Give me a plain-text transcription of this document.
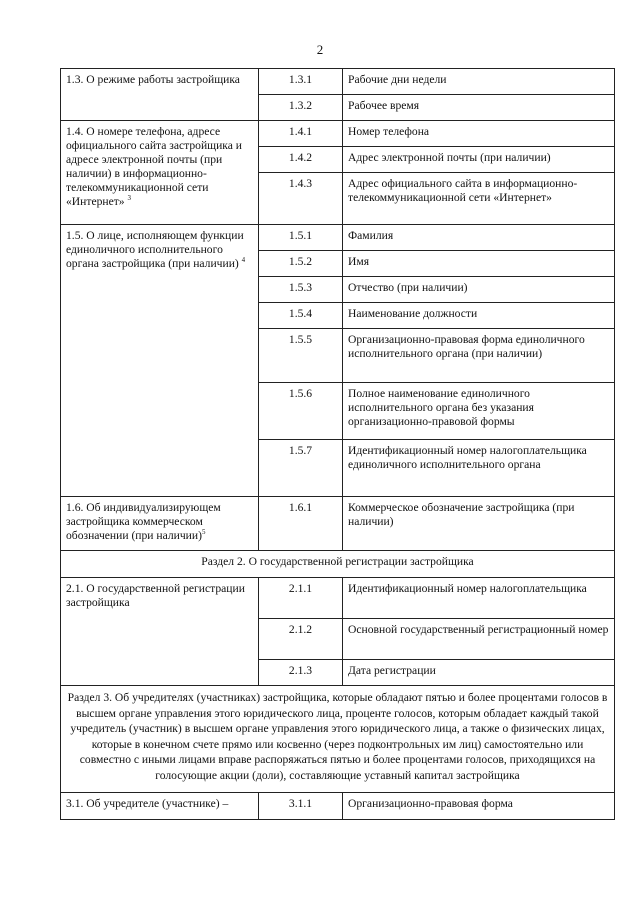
2
1.3. О режиме работы застройщика	1.3.1	Рабочие дни недели
	1.3.2	Рабочее время
1.4. О номере телефона, адресе официального сайта застройщика и адресе электронной почты (при наличии) в информационно-телекоммуникационной сети «Интернет» $^3$	1.4.1	Номер телефона
	1.4.2	Адрес электронной почты (при наличии)
	1.4.3	Адрес официального сайта в информационно-телекоммуникационной сети «Интернет»
1.5. О лице, исполняющем функции единоличного исполнительного органа застройщика (при наличии) $^4$	1.5.1	Фамилия
	1.5.2	Имя
	1.5.3	Отчество (при наличии)
	1.5.4	Наименование должности
	1.5.5	Организационно-правовая форма единоличного исполнительного органа (при наличии)
	1.5.6	Полное наименование единоличного исполнительного органа без указания организационно-правовой формы
	1.5.7	Идентификационный номер налогоплательщика единоличного исполнительного органа
1.6. Об индивидуализирующем застройщика коммерческом обозначении (при наличии)$^5$	1.6.1	Коммерческое обозначение застройщика (при наличии)
Раздел 2. О государственной регистрации застройщика		
2.1. О государственной регистрации застройщика	2.1.1	Идентификационный номер налогоплательщика
	2.1.2	Основной государственный регистрационный номер
	2.1.3	Дата регистрации
Раздел 3. Об учредителях (участниках) застройщика, которые обладают пятью и более процентами голосов в высшем органе управления этого юридического лица, проценте голосов, которым обладает каждый такой учредитель (участник) в высшем органе управления этого юридического лица, а также о физических лицах, которые в конечном счете прямо или косвенно (через подконтрольных им лиц) самостоятельно или совместно с иными лицами вправе распоряжаться пятью и более процентами голосов, приходящихся на голосующие акции (доли), составляющие уставный капитал застройщика		
3.1. Об учредителе (участнике) –	3.1.1	Организационно-правовая форма
